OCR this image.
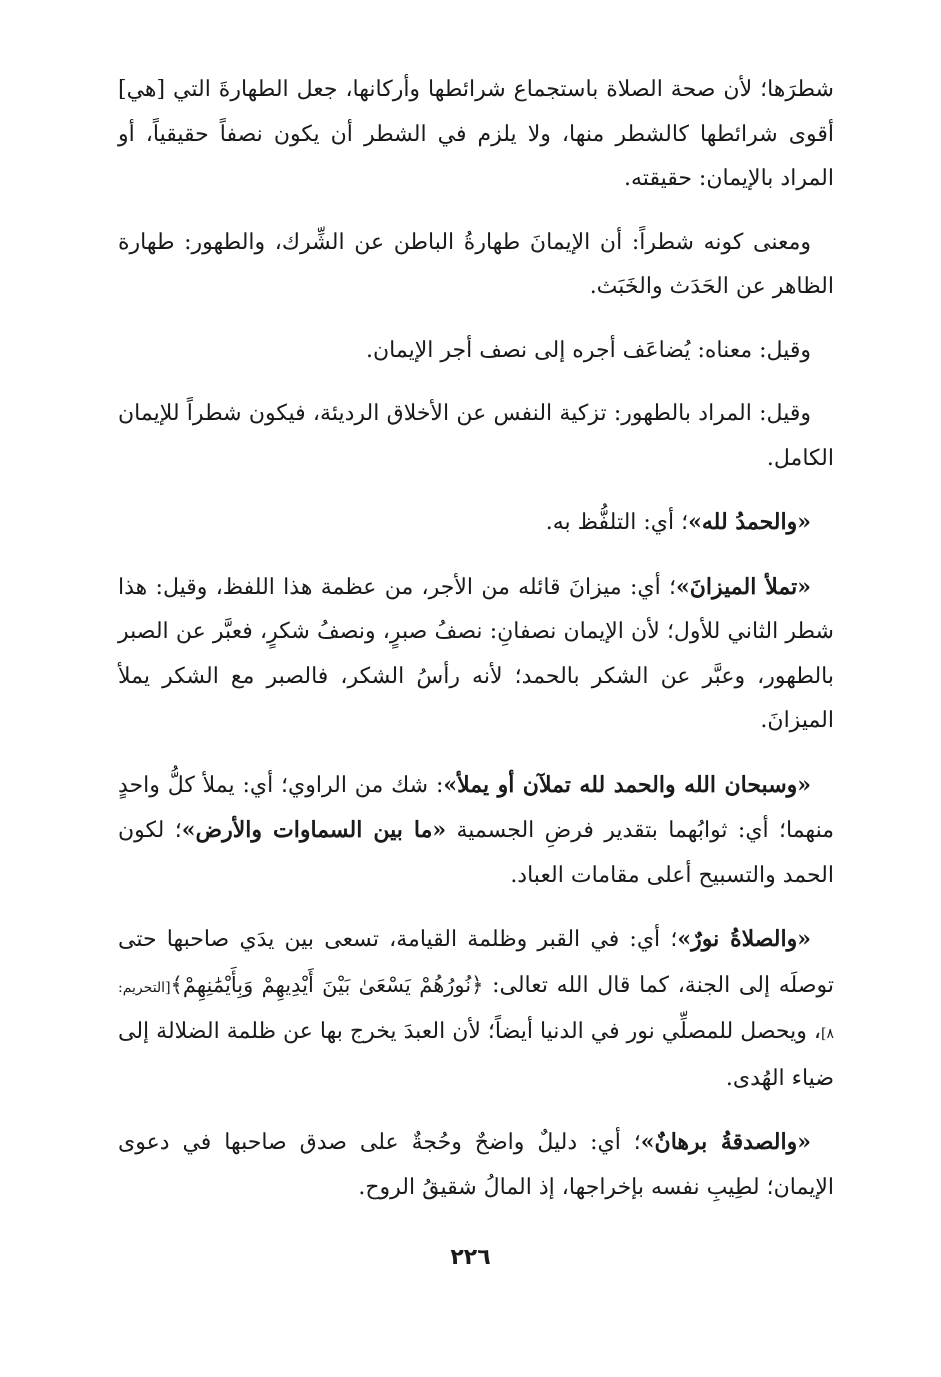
شطرَها؛ لأن صحة الصلاة باستجماع شرائطها وأركانها، جعل الطهارةَ التي [هي] أقوى شرائطها كالشطر منها، ولا يلزم في الشطر أن يكون نصفاً حقيقياً، أو المراد بالإيمان: حقيقته.

ومعنى كونه شطراً: أن الإيمانَ طهارةُ الباطن عن الشِّرك، والطهور: طهارة الظاهر عن الحَدَث والخَبَث.

وقيل: معناه: يُضاعَف أجره إلى نصف أجر الإيمان.

وقيل: المراد بالطهور: تزكية النفس عن الأخلاق الرديئة، فيكون شطراً للإيمان الكامل.

«والحمدُ لله»؛ أي: التلفُّظ به.

«تملأ الميزانَ»؛ أي: ميزانَ قائله من الأجر، من عظمة هذا اللفظ، وقيل: هذا شطر الثاني للأول؛ لأن الإيمان نصفانِ: نصفُ صبرٍ، ونصفُ شكرٍ، فعبَّر عن الصبر بالطهور، وعبَّر عن الشكر بالحمد؛ لأنه رأسُ الشكر، فالصبر مع الشكر يملأ الميزانَ.

«وسبحان الله والحمد لله تملآن أو يملأ»: شك من الراوي؛ أي: يملأ كلُّ واحدٍ منهما؛ أي: ثوابُهما بتقدير فرضِ الجسمية «ما بين السماوات والأرض»؛ لكون الحمد والتسبيح أعلى مقامات العباد.

«والصلاةُ نورٌ»؛ أي: في القبر وظلمة القيامة، تسعى بين يدَي صاحبها حتى توصلَه إلى الجنة، كما قال الله تعالى: ﴿نُورُهُمْ يَسْعَىٰ بَيْنَ أَيْدِيهِمْ وَبِأَيْمَٰنِهِمْ﴾[التحريم: ٨]، ويحصل للمصلِّي نور في الدنيا أيضاً؛ لأن العبدَ يخرج بها عن ظلمة الضلالة إلى ضياء الهُدى.

«والصدقةُ برهانٌ»؛ أي: دليلٌ واضحٌ وحُجةٌ على صدق صاحبها في دعوى الإيمان؛ لطِيبِ نفسه بإخراجها، إذ المالُ شقيقُ الروح.

٢٢٦
